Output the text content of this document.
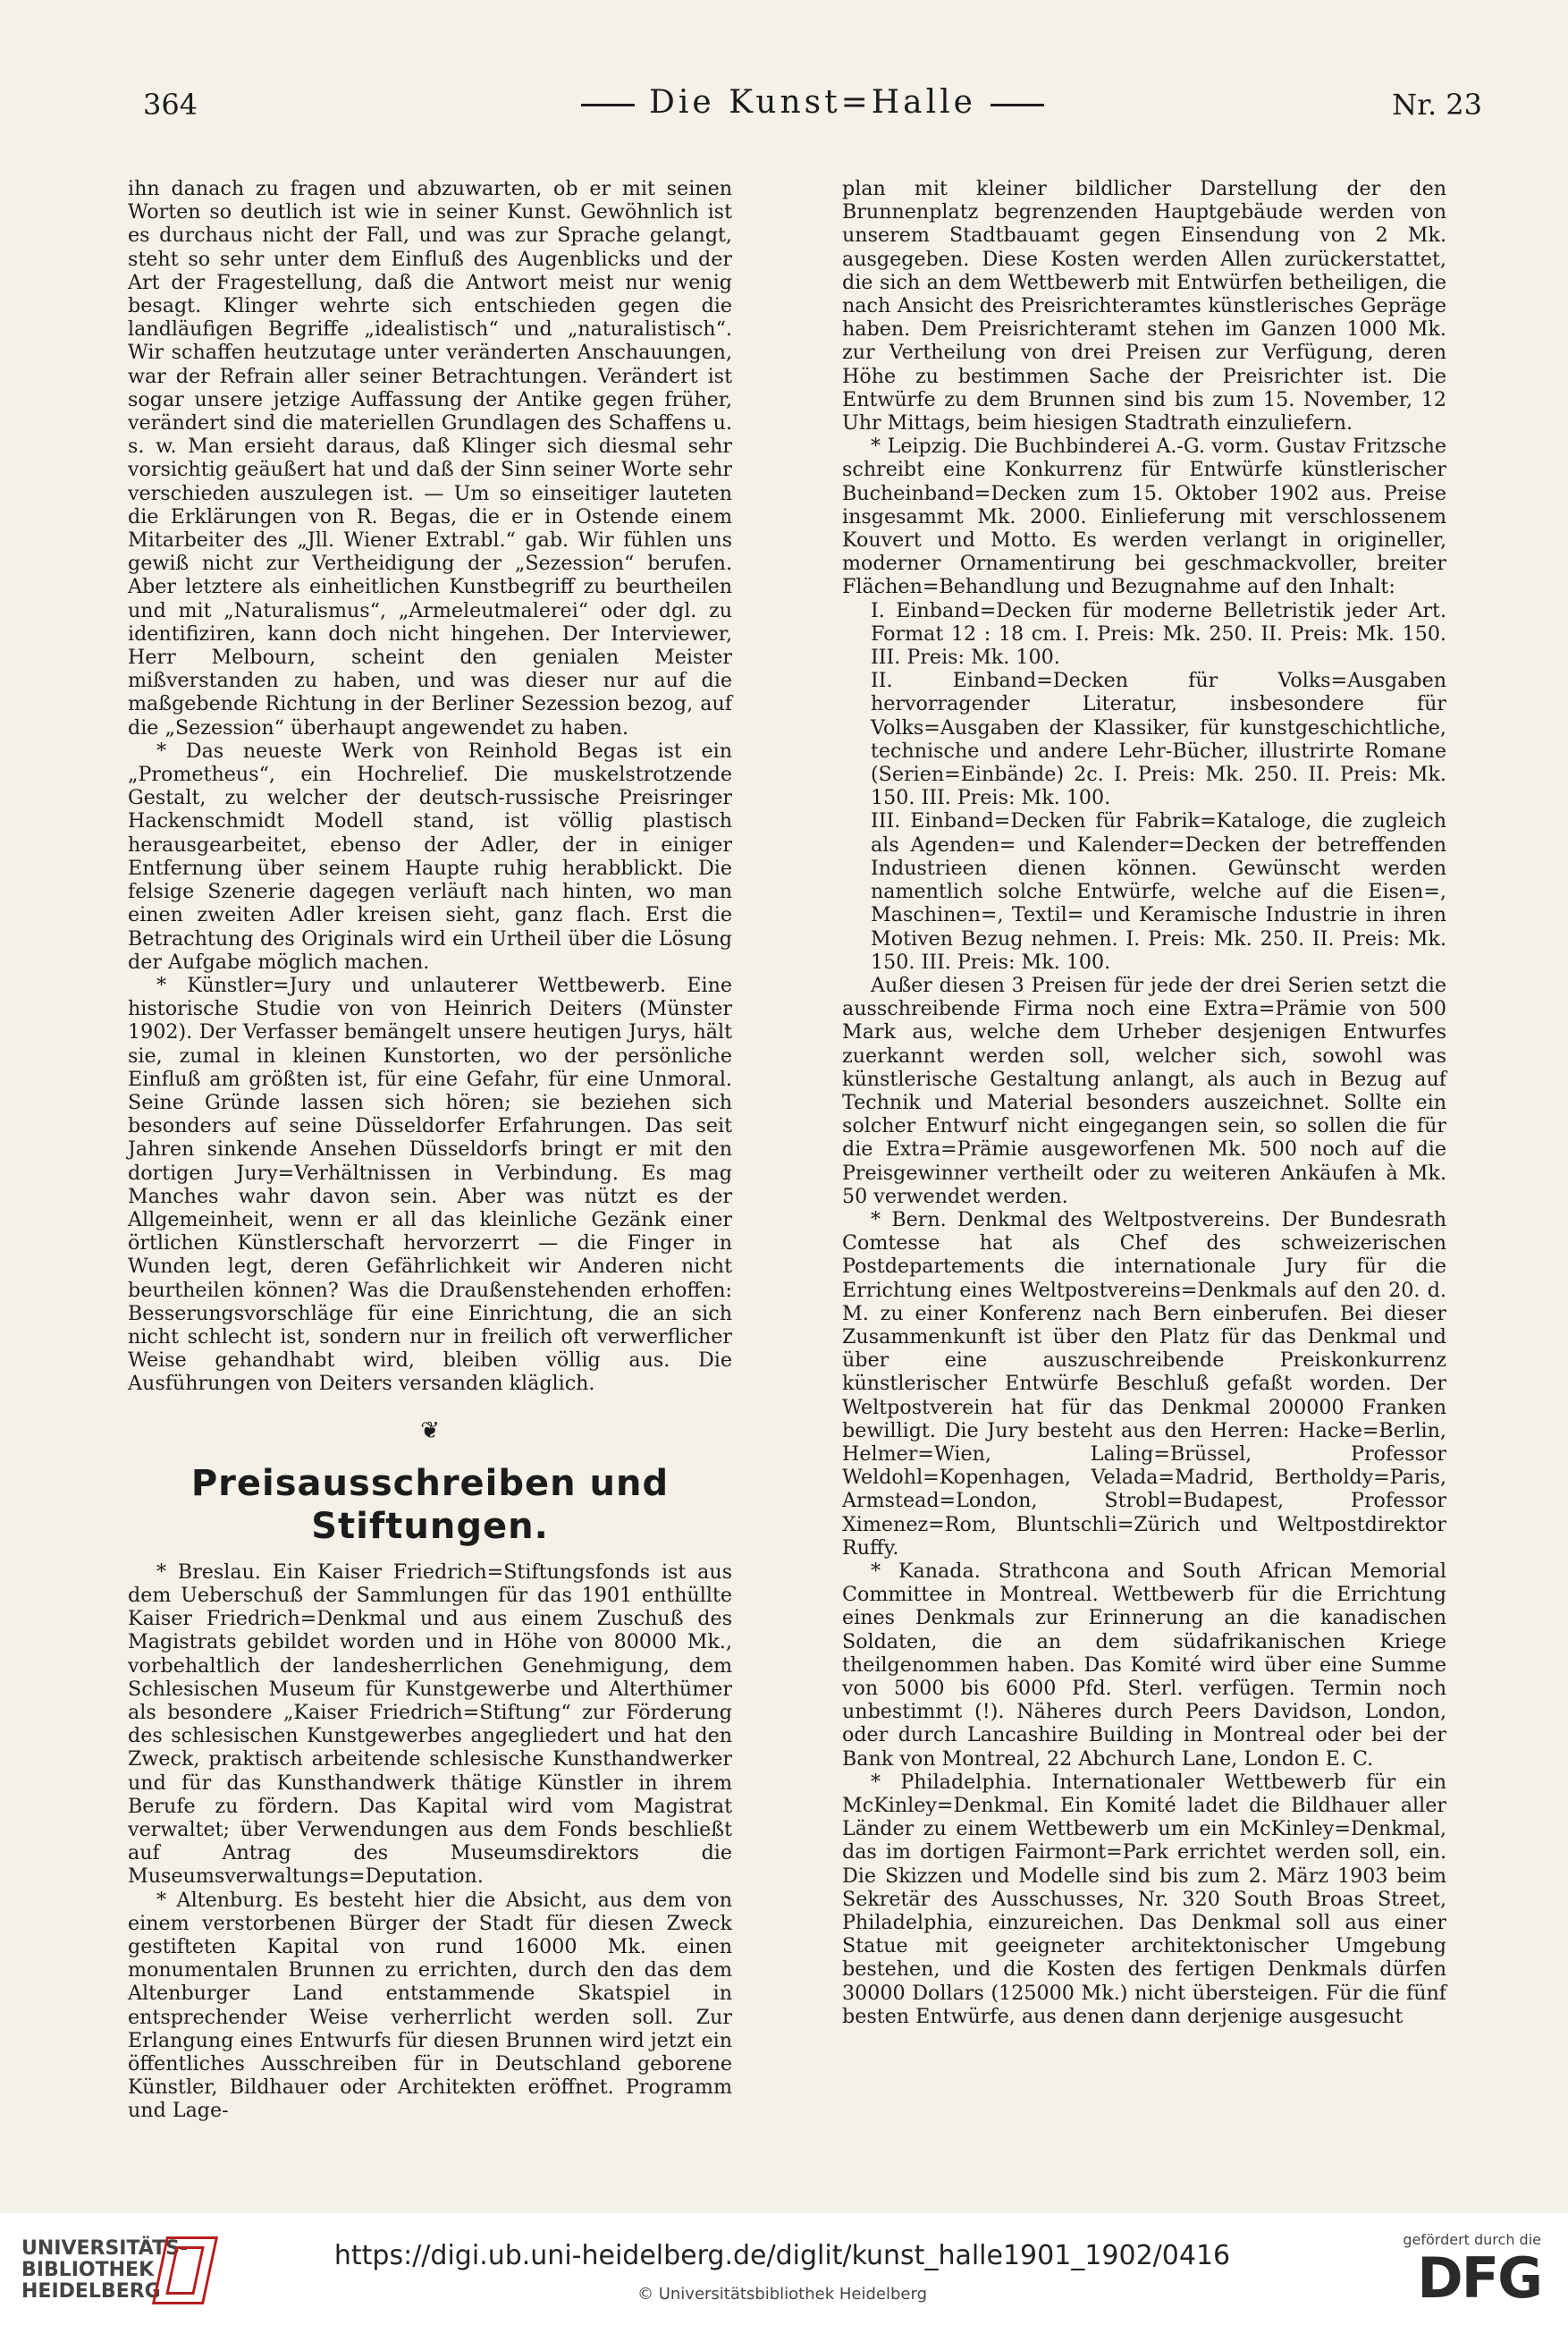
364	Die Kunst=Halle	Nr. 23

ihn danach zu fragen und abzuwarten, ob er mit seinen Worten so deutlich ist wie in seiner Kunst. Gewöhnlich ist es durchaus nicht der Fall, und was zur Sprache gelangt, steht so sehr unter dem Einfluß des Augenblicks und der Art der Fragestellung, daß die Antwort meist nur wenig besagt. Klinger wehrte sich entschieden gegen die landläufigen Begriffe „idealistisch“ und „naturalistisch“. Wir schaffen heutzutage unter veränderten Anschauungen, war der Refrain aller seiner Betrachtungen. Verändert ist sogar unsere jetzige Auffassung der Antike gegen früher, verändert sind die materiellen Grundlagen des Schaffens u. s. w. Man ersieht daraus, daß Klinger sich diesmal sehr vorsichtig geäußert hat und daß der Sinn seiner Worte sehr verschieden auszulegen ist. — Um so einseitiger lauteten die Erklärungen von R. Begas, die er in Ostende einem Mitarbeiter des „Jll. Wiener Extrabl.“ gab. Wir fühlen uns gewiß nicht zur Vertheidigung der „Sezession“ berufen. Aber letztere als einheitlichen Kunstbegriff zu beurtheilen und mit „Naturalismus“, „Armeleutmalerei“ oder dgl. zu identifiziren, kann doch nicht hingehen. Der Interviewer, Herr Melbourn, scheint den genialen Meister mißverstanden zu haben, und was dieser nur auf die maßgebende Richtung in der Berliner Sezession bezog, auf die „Sezession“ überhaupt angewendet zu haben.

* Das neueste Werk von Reinhold Begas ist ein „Prometheus“, ein Hochrelief. Die muskelstrotzende Gestalt, zu welcher der deutsch-russische Preisringer Hackenschmidt Modell stand, ist völlig plastisch herausgearbeitet, ebenso der Adler, der in einiger Entfernung über seinem Haupte ruhig herabblickt. Die felsige Szenerie dagegen verläuft nach hinten, wo man einen zweiten Adler kreisen sieht, ganz flach. Erst die Betrachtung des Originals wird ein Urtheil über die Lösung der Aufgabe möglich machen.

* Künstler=Jury und unlauterer Wettbewerb. Eine historische Studie von von Heinrich Deiters (Münster 1902). Der Verfasser bemängelt unsere heutigen Jurys, hält sie, zumal in kleinen Kunstorten, wo der persönliche Einfluß am größten ist, für eine Gefahr, für eine Unmoral. Seine Gründe lassen sich hören; sie beziehen sich besonders auf seine Düsseldorfer Erfahrungen. Das seit Jahren sinkende Ansehen Düsseldorfs bringt er mit den dortigen Jury=Verhältnissen in Verbindung. Es mag Manches wahr davon sein. Aber was nützt es der Allgemeinheit, wenn er all das kleinliche Gezänk einer örtlichen Künstlerschaft hervorzerrt — die Finger in Wunden legt, deren Gefährlichkeit wir Anderen nicht beurtheilen können? Was die Draußenstehenden erhoffen: Besserungsvorschläge für eine Einrichtung, die an sich nicht schlecht ist, sondern nur in freilich oft verwerflicher Weise gehandhabt wird, bleiben völlig aus. Die Ausführungen von Deiters versanden kläglich.

❦
Preisausschreiben und Stiftungen.

* Breslau. Ein Kaiser Friedrich=Stiftungsfonds ist aus dem Ueberschuß der Sammlungen für das 1901 enthüllte Kaiser Friedrich=Denkmal und aus einem Zuschuß des Magistrats gebildet worden und in Höhe von 80000 Mk., vorbehaltlich der landesherrlichen Genehmigung, dem Schlesischen Museum für Kunstgewerbe und Alterthümer als besondere „Kaiser Friedrich=Stiftung“ zur Förderung des schlesischen Kunstgewerbes angegliedert und hat den Zweck, praktisch arbeitende schlesische Kunsthandwerker und für das Kunsthandwerk thätige Künstler in ihrem Berufe zu fördern. Das Kapital wird vom Magistrat verwaltet; über Verwendungen aus dem Fonds beschließt auf Antrag des Museumsdirektors die Museumsverwaltungs=Deputation.

* Altenburg. Es besteht hier die Absicht, aus dem von einem verstorbenen Bürger der Stadt für diesen Zweck gestifteten Kapital von rund 16000 Mk. einen monumentalen Brunnen zu errichten, durch den das dem Altenburger Land entstammende Skatspiel in entsprechender Weise verherrlicht werden soll. Zur Erlangung eines Entwurfs für diesen Brunnen wird jetzt ein öffentliches Ausschreiben für in Deutschland geborene Künstler, Bildhauer oder Architekten eröffnet. Programm und Lage-

plan mit kleiner bildlicher Darstellung der den Brunnenplatz begrenzenden Hauptgebäude werden von unserem Stadtbauamt gegen Einsendung von 2 Mk. ausgegeben. Diese Kosten werden Allen zurückerstattet, die sich an dem Wettbewerb mit Entwürfen betheiligen, die nach Ansicht des Preisrichteramtes künstlerisches Gepräge haben. Dem Preisrichteramt stehen im Ganzen 1000 Mk. zur Vertheilung von drei Preisen zur Verfügung, deren Höhe zu bestimmen Sache der Preisrichter ist. Die Entwürfe zu dem Brunnen sind bis zum 15. November, 12 Uhr Mittags, beim hiesigen Stadtrath einzuliefern.

* Leipzig. Die Buchbinderei A.-G. vorm. Gustav Fritzsche schreibt eine Konkurrenz für Entwürfe künstlerischer Bucheinband=Decken zum 15. Oktober 1902 aus. Preise insgesammt Mk. 2000. Einlieferung mit verschlossenem Kouvert und Motto. Es werden verlangt in origineller, moderner Ornamentirung bei geschmackvoller, breiter Flächen=Behandlung und Bezugnahme auf den Inhalt:

I. Einband=Decken für moderne Belletristik jeder Art. Format 12 : 18 cm. I. Preis: Mk. 250. II. Preis: Mk. 150. III. Preis: Mk. 100.

II. Einband=Decken für Volks=Ausgaben hervorragender Literatur, insbesondere für Volks=Ausgaben der Klassiker, für kunstgeschichtliche, technische und andere Lehr-Bücher, illustrirte Romane (Serien=Einbände) 2c. I. Preis: Mk. 250. II. Preis: Mk. 150. III. Preis: Mk. 100.

III. Einband=Decken für Fabrik=Kataloge, die zugleich als Agenden= und Kalender=Decken der betreffenden Industrieen dienen können. Gewünscht werden namentlich solche Entwürfe, welche auf die Eisen=, Maschinen=, Textil= und Keramische Industrie in ihren Motiven Bezug nehmen. I. Preis: Mk. 250. II. Preis: Mk. 150. III. Preis: Mk. 100.

Außer diesen 3 Preisen für jede der drei Serien setzt die ausschreibende Firma noch eine Extra=Prämie von 500 Mark aus, welche dem Urheber desjenigen Entwurfes zuerkannt werden soll, welcher sich, sowohl was künstlerische Gestaltung anlangt, als auch in Bezug auf Technik und Material besonders auszeichnet. Sollte ein solcher Entwurf nicht eingegangen sein, so sollen die für die Extra=Prämie ausgeworfenen Mk. 500 noch auf die Preisgewinner vertheilt oder zu weiteren Ankäufen à Mk. 50 verwendet werden.

* Bern. Denkmal des Weltpostvereins. Der Bundesrath Comtesse hat als Chef des schweizerischen Postdepartements die internationale Jury für die Errichtung eines Weltpostvereins=Denkmals auf den 20. d. M. zu einer Konferenz nach Bern einberufen. Bei dieser Zusammenkunft ist über den Platz für das Denkmal und über eine auszuschreibende Preiskonkurrenz künstlerischer Entwürfe Beschluß gefaßt worden. Der Weltpostverein hat für das Denkmal 200000 Franken bewilligt. Die Jury besteht aus den Herren: Hacke=Berlin, Helmer=Wien, Laling=Brüssel, Professor Weldohl=Kopenhagen, Velada=Madrid, Bertholdy=Paris, Armstead=London, Strobl=Budapest, Professor Ximenez=Rom, Bluntschli=Zürich und Weltpostdirektor Ruffy.

* Kanada. Strathcona and South African Memorial Committee in Montreal. Wettbewerb für die Errichtung eines Denkmals zur Erinnerung an die kanadischen Soldaten, die an dem südafrikanischen Kriege theilgenommen haben. Das Komité wird über eine Summe von 5000 bis 6000 Pfd. Sterl. verfügen. Termin noch unbestimmt (!). Näheres durch Peers Davidson, London, oder durch Lancashire Building in Montreal oder bei der Bank von Montreal, 22 Abchurch Lane, London E. C.

* Philadelphia. Internationaler Wettbewerb für ein McKinley=Denkmal. Ein Komité ladet die Bildhauer aller Länder zu einem Wettbewerb um ein McKinley=Denkmal, das im dortigen Fairmont=Park errichtet werden soll, ein. Die Skizzen und Modelle sind bis zum 2. März 1903 beim Sekretär des Ausschusses, Nr. 320 South Broas Street, Philadelphia, einzureichen. Das Denkmal soll aus einer Statue mit geeigneter architektonischer Umgebung bestehen, und die Kosten des fertigen Denkmals dürfen 30000 Dollars (125000 Mk.) nicht übersteigen. Für die fünf besten Entwürfe, aus denen dann derjenige ausgesucht

UNIVERSITÄTS-
BIBLIOTHEK
HEIDELBERG
https://digi.ub.uni-heidelberg.de/diglit/kunst_halle1901_1902/0416
© Universitätsbibliothek Heidelberg
gefördert durch die
DFG
